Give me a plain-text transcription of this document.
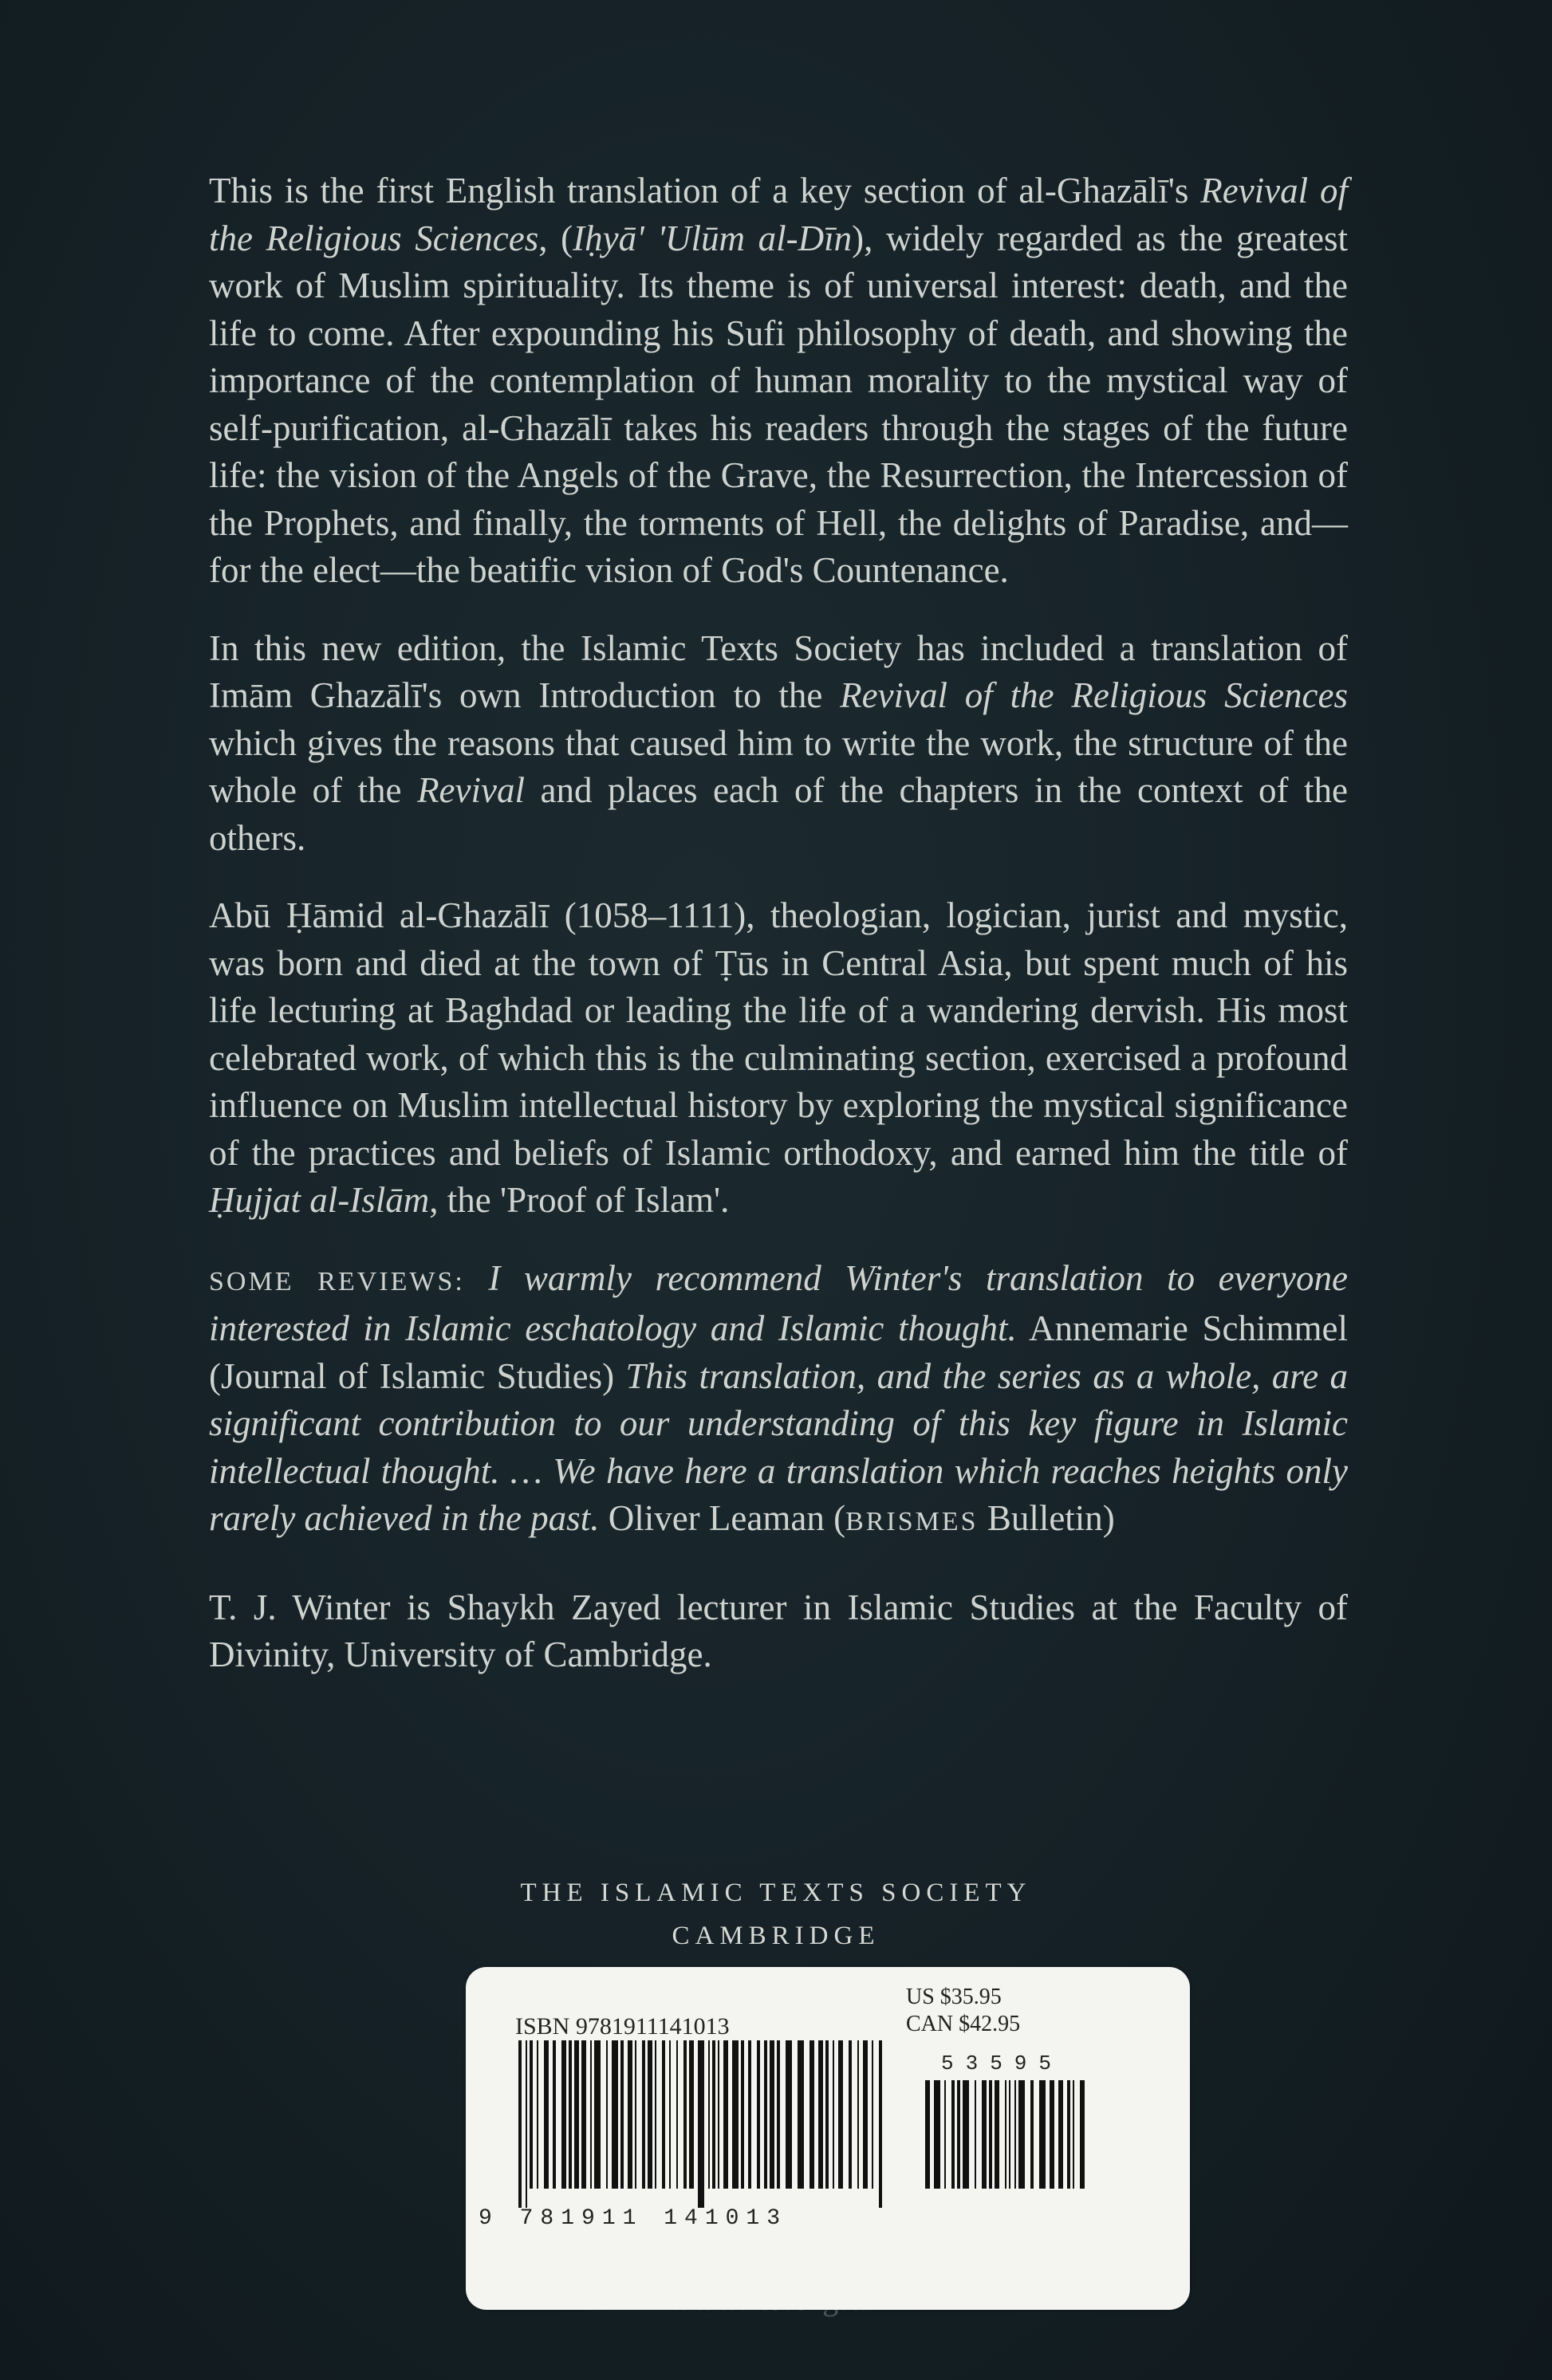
This is the first English translation of a key section of al-Ghazālī's Revival of the Religious Sciences, (Iḥyā' 'Ulūm al-Dīn), widely regarded as the greatest work of Muslim spirituality. Its theme is of universal interest: death, and the life to come. After expounding his Sufi philosophy of death, and showing the importance of the contemplation of human morality to the mystical way of self-purification, al-Ghazālī takes his readers through the stages of the future life: the vision of the Angels of the Grave, the Resurrection, the Intercession of the Prophets, and finally, the torments of Hell, the delights of Paradise, and—for the elect—the beatific vision of God's Countenance.

In this new edition, the Islamic Texts Society has included a translation of Imām Ghazālī's own Introduction to the Revival of the Religious Sciences which gives the reasons that caused him to write the work, the structure of the whole of the Revival and places each of the chapters in the context of the others.

Abū Ḥāmid al-Ghazālī (1058–1111), theologian, logician, jurist and mystic, was born and died at the town of Ṭūs in Central Asia, but spent much of his life lecturing at Baghdad or leading the life of a wandering dervish. His most celebrated work, of which this is the culminating section, exercised a profound influence on Muslim intellectual history by exploring the mystical significance of the practices and beliefs of Islamic orthodoxy, and earned him the title of Ḥujjat al-Islām, the 'Proof of Islam'.

SOME REVIEWS: I warmly recommend Winter's translation to everyone interested in Islamic eschatology and Islamic thought. Annemarie Schimmel (Journal of Islamic Studies) This translation, and the series as a whole, are a significant contribution to our understanding of this key figure in Islamic intellectual thought. … We have here a translation which reaches heights only rarely achieved in the past. Oliver Leaman (BRISMES Bulletin)

T. J. Winter is Shaykh Zayed lecturer in Islamic Studies at the Faculty of Divinity, University of Cambridge.

THE ISLAMIC TEXTS SOCIETY
CAMBRIDGE
ISBN 9781911141013
US $35.95
CAN $42.95
53595
9 781911 141013
